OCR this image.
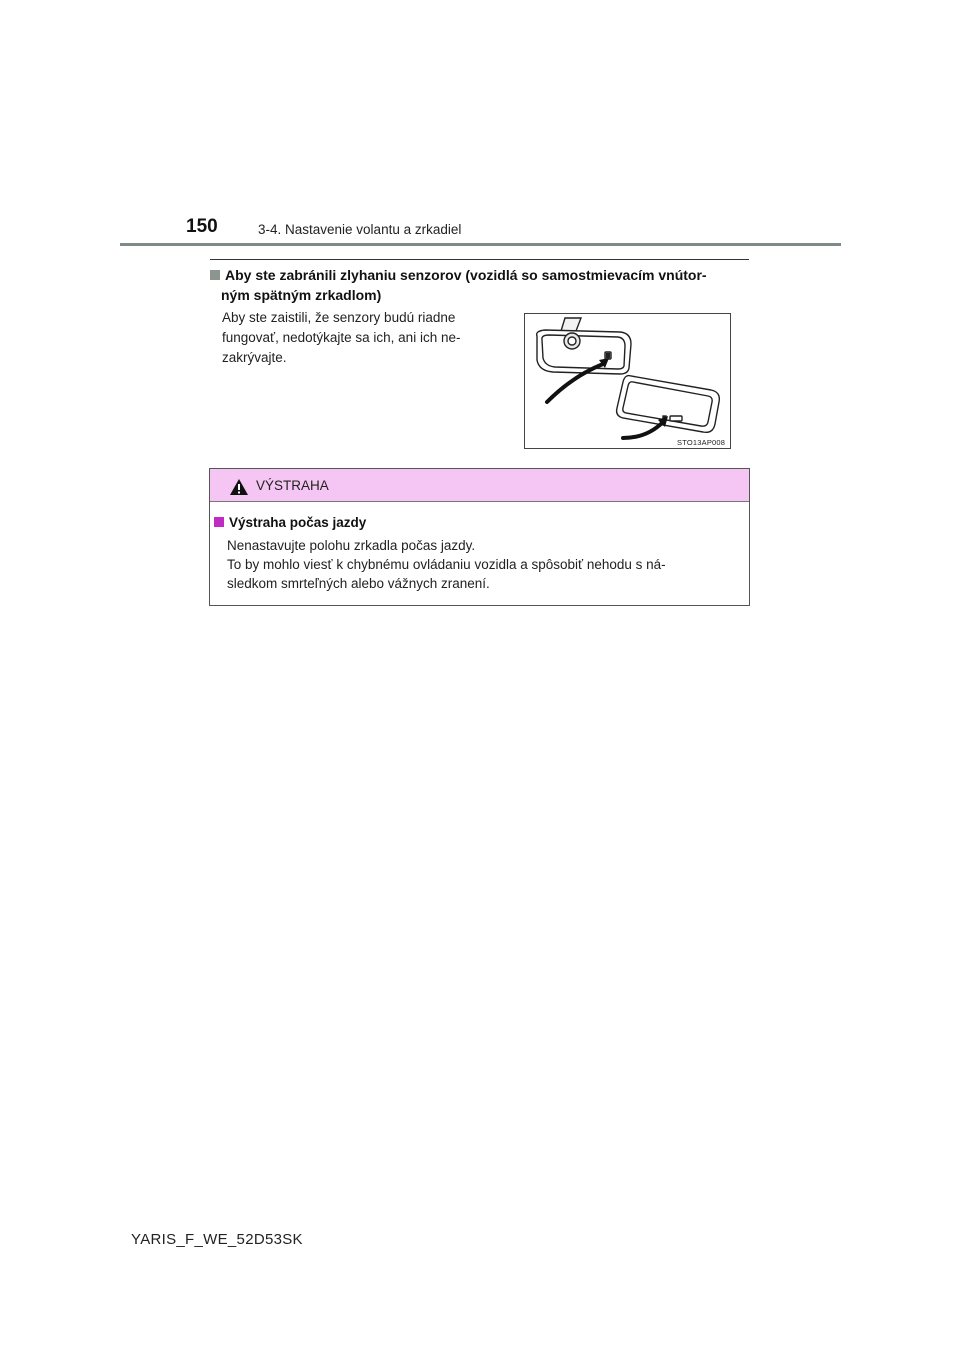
150	3-4. Nastavenie volantu a zrkadiel
Aby ste zabránili zlyhaniu senzorov (vozidlá so samostmievacím vnútor-
ným spätným zrkadlom)
Aby ste zaistili, že senzory budú riadne
fungovať, nedotýkajte sa ich, ani ich ne-
zakrývajte.
STO13AP008
VÝSTRAHA
Výstraha počas jazdy
Nenastavujte polohu zrkadla počas jazdy.
To by mohlo viesť k chybnému ovládaniu vozidla a spôsobiť nehodu s ná-
sledkom smrteľných alebo vážnych zranení.
YARIS_F_WE_52D53SK
